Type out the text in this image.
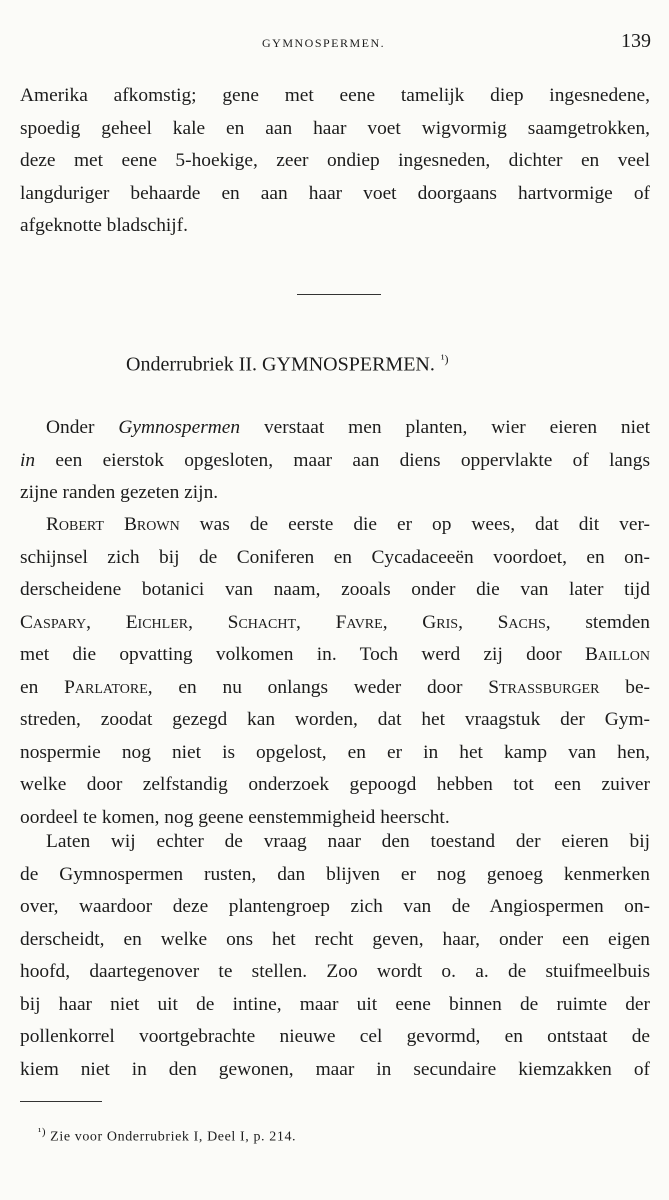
GYMNOSPERMEN.	139
Amerika afkomstig; gene met eene tamelijk diep ingesnedene,
spoedig geheel kale en aan haar voet wigvormig saamgetrokken,
deze met eene 5-hoekige, zeer ondiep ingesneden, dichter en veel
langduriger behaarde en aan haar voet doorgaans hartvormige of
afgeknotte bladschijf.
Onderrubriek II. GYMNOSPERMEN. $^{^1)}$
Onder Gymnospermen verstaat men planten, wier eieren niet
in een eierstok opgesloten, maar aan diens oppervlakte of langs
zijne randen gezeten zijn.
Robert Brown was de eerste die er op wees, dat dit ver-
schijnsel zich bij de Coniferen en Cycadaceeën voordoet, en on-
derscheidene botanici van naam, zooals onder die van later tijd
Caspary, Eichler, Schacht, Favre, Gris, Sachs, stemden
met die opvatting volkomen in. Toch werd zij door Baillon
en Parlatore, en nu onlangs weder door Strassburger be-
streden, zoodat gezegd kan worden, dat het vraagstuk der Gym-
nospermie nog niet is opgelost, en er in het kamp van hen,
welke door zelfstandig onderzoek gepoogd hebben tot een zuiver
oordeel te komen, nog geene eenstemmigheid heerscht.
Laten wij echter de vraag naar den toestand der eieren bij
de Gymnospermen rusten, dan blijven er nog genoeg kenmerken
over, waardoor deze plantengroep zich van de Angiospermen on-
derscheidt, en welke ons het recht geven, haar, onder een eigen
hoofd, daartegenover te stellen. Zoo wordt o. a. de stuifmeelbuis
bij haar niet uit de intine, maar uit eene binnen de ruimte der
pollenkorrel voortgebrachte nieuwe cel gevormd, en ontstaat de
kiem niet in den gewonen, maar in secundaire kiemzakken of
$^{^1)}$ Zie voor Onderrubriek I, Deel I, p. 214.
